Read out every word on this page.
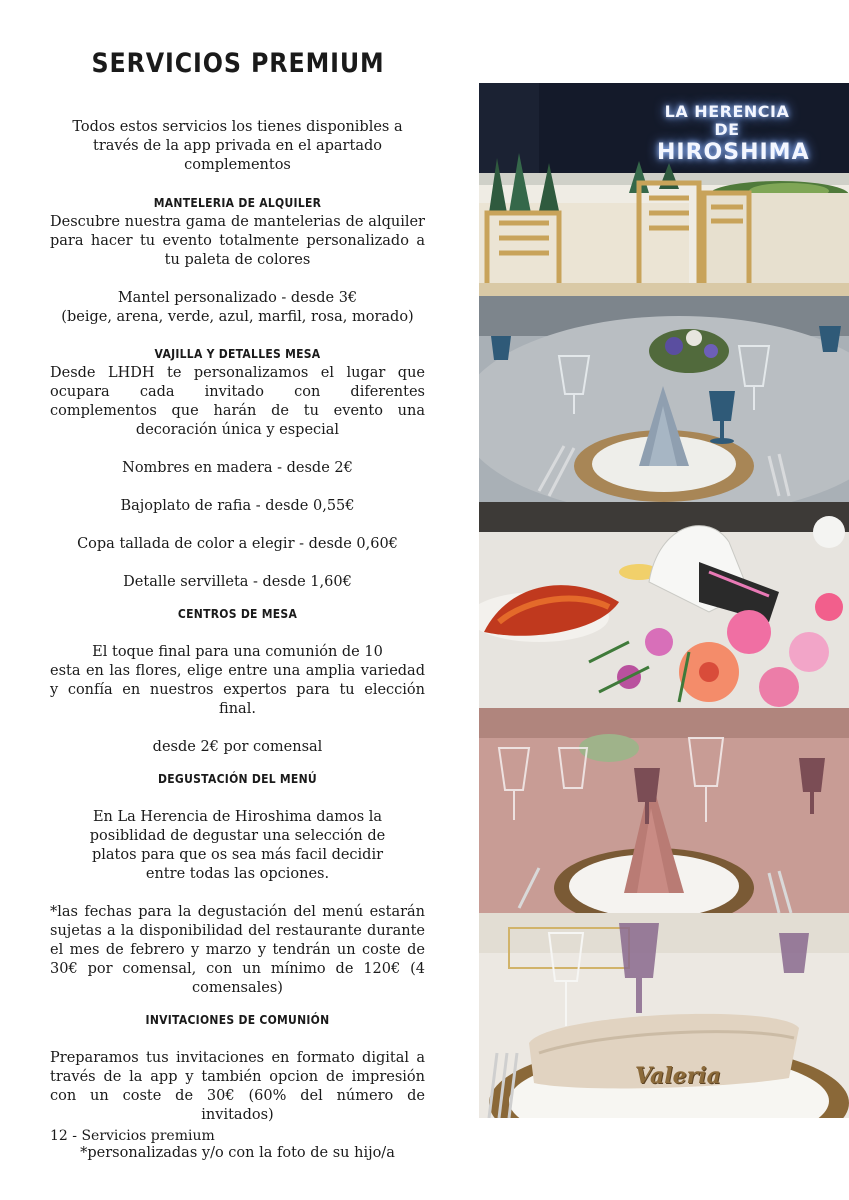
SERVICIOS PREMIUM
Todos estos servicios los tienes disponibles a través de la app privada en el apartado complementos
MANTELERIA DE ALQUILER
Descubre nuestra gama de mantelerias de alquiler para hacer tu evento totalmente personalizado a tu paleta de colores
Mantel personalizado - desde 3€
(beige, arena, verde, azul, marfil, rosa, morado)
VAJILLA Y DETALLES MESA
Desde LHDH te personalizamos el lugar que ocupara cada invitado con diferentes complementos que harán de tu evento una decoración única y especial
Nombres en madera - desde 2€
Bajoplato de rafia - desde 0,55€
Copa tallada de color a elegir - desde 0,60€
Detalle servilleta - desde 1,60€
CENTROS DE MESA
El toque final para una comunión de 10
esta en las flores, elige entre una amplia variedad y confía en nuestros expertos para tu elección final.
desde 2€ por comensal
DEGUSTACIÓN DEL MENÚ
En La Herencia de Hiroshima damos la posiblidad de degustar una selección de platos para que os sea más facil decidir entre todas las opciones.
*las fechas para la degustación del menú estarán sujetas a la disponibilidad del restaurante durante el mes de febrero y marzo y tendrán un coste de 30€ por comensal, con un mínimo de 120€ (4 comensales)
INVITACIONES DE COMUNIÓN
Preparamos tus invitaciones en formato digital a través de la app y también opcion de impresión con un coste de 30€ (60% del número de invitados)
*personalizadas y/o con la foto de su hijo/a
12 - Servicios premium
LA HERENCIA DE
HIROSHIMA
Valeria
